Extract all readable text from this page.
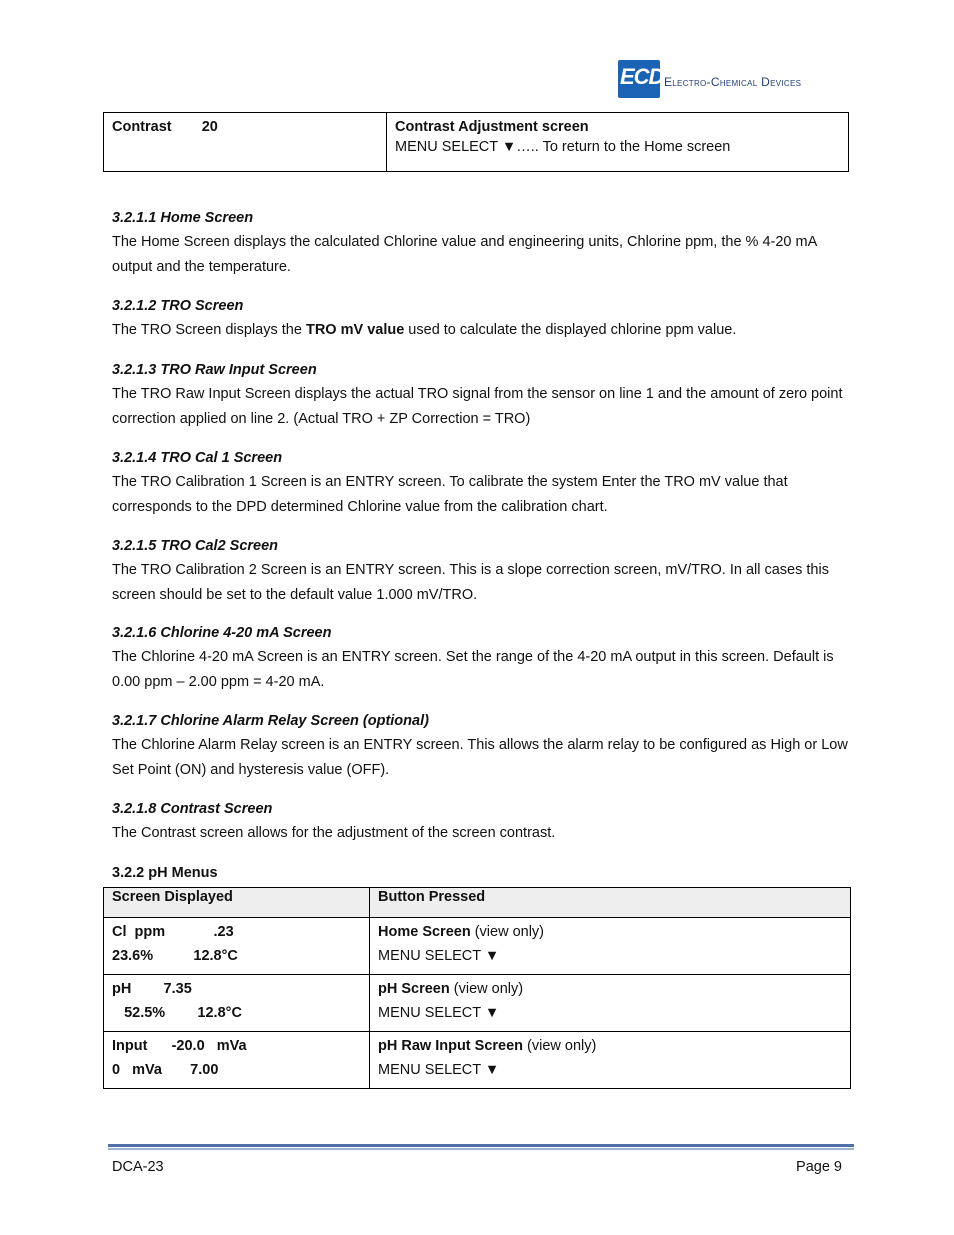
ECD Electro-Chemical Devices
Contrast 20	Contrast Adjustment screen
MENU SELECT ▼….. To return to the Home screen
3.2.1.1 Home Screen
The Home Screen displays the calculated Chlorine value and engineering units, Chlorine ppm, the % 4-20 mA output and the temperature.
3.2.1.2 TRO Screen
The TRO Screen displays the TRO mV value used to calculate the displayed chlorine ppm value.
3.2.1.3 TRO Raw Input Screen
The TRO Raw Input Screen displays the actual TRO signal from the sensor on line 1 and the amount of zero point correction applied on line 2. (Actual TRO + ZP Correction = TRO)
3.2.1.4 TRO Cal 1 Screen
The TRO Calibration 1 Screen is an ENTRY screen. To calibrate the system Enter the TRO mV value that corresponds to the DPD determined Chlorine value from the calibration chart.
3.2.1.5 TRO Cal2 Screen
The TRO Calibration 2 Screen is an ENTRY screen. This is a slope correction screen, mV/TRO. In all cases this screen should be set to the default value 1.000 mV/TRO.
3.2.1.6 Chlorine 4-20 mA Screen
The Chlorine 4-20 mA Screen is an ENTRY screen. Set the range of the 4-20 mA output in this screen. Default is 0.00 ppm – 2.00 ppm = 4-20 mA.
3.2.1.7 Chlorine Alarm Relay Screen (optional)
The Chlorine Alarm Relay screen is an ENTRY screen. This allows the alarm relay to be configured as High or Low Set Point (ON) and hysteresis value (OFF).
3.2.1.8 Contrast Screen
The Contrast screen allows for the adjustment of the screen contrast.
3.2.2 pH Menus
Screen Displayed	Button Pressed

Cl  ppm            .23
23.6%          12.8°C	Home Screen (view only)
MENU SELECT ▼

pH        7.35
52.5%        12.8°C	pH Screen (view only)
MENU SELECT ▼

Input      -20.0   mVa
0   mVa       7.00	pH Raw Input Screen (view only)
MENU SELECT ▼
DCA-23	Page 9
